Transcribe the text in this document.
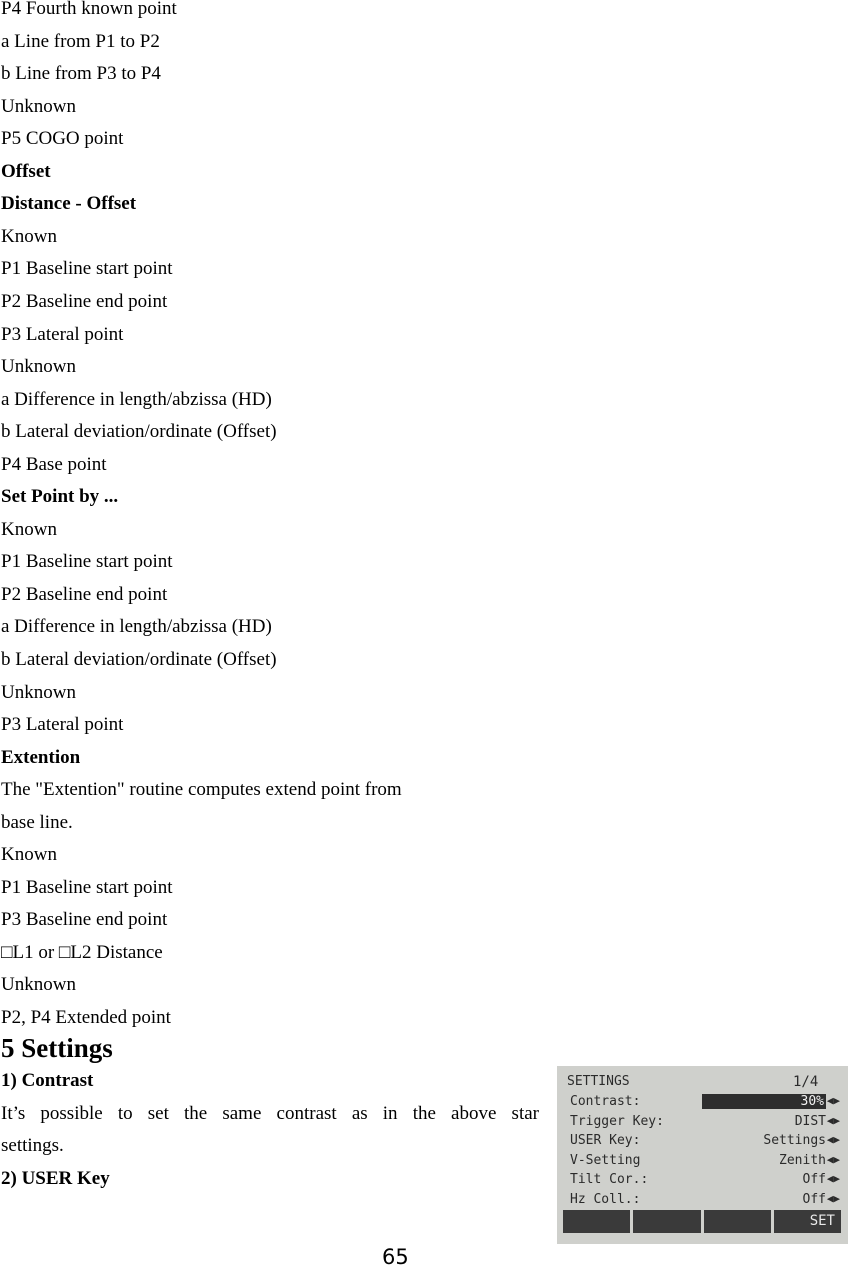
P4 Fourth known point
a Line from P1 to P2
b Line from P3 to P4
Unknown
P5 COGO point
Offset
Distance - Offset
Known
P1 Baseline start point
P2 Baseline end point
P3 Lateral point
Unknown
a Difference in length/abzissa (HD)
b Lateral deviation/ordinate (Offset)
P4 Base point
Set Point by ...
Known
P1 Baseline start point
P2 Baseline end point
a Difference in length/abzissa (HD)
b Lateral deviation/ordinate (Offset)
Unknown
P3 Lateral point
Extention
The "Extention" routine computes extend point from
base line.
Known
P1 Baseline start point
P3 Baseline end point
□L1 or □L2 Distance
Unknown
P2, P4 Extended point
5 Settings
1) Contrast
It’s possible to set the same contrast as in the above star
settings.
2) USER Key
SETTINGS	1/4
Contrast:	30% ◀▶
Trigger Key:	DIST ◀▶
USER Key:	Settings ◀▶
V-Setting	Zenith ◀▶
Tilt Cor.:	Off ◀▶
Hz Coll.:	Off ◀▶
SET
65
